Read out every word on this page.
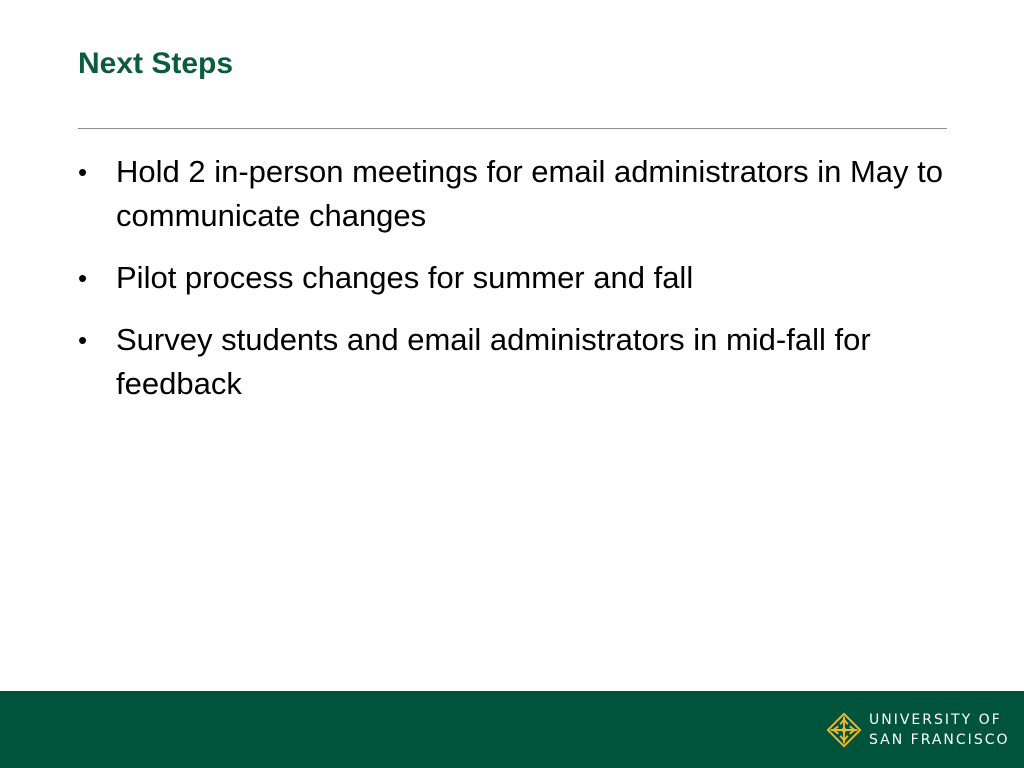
Next Steps
• Hold 2 in-person meetings for email administrators in May to communicate changes
• Pilot process changes for summer and fall
• Survey students and email administrators in mid-fall for feedback
UNIVERSITY OF
SAN FRANCISCO
